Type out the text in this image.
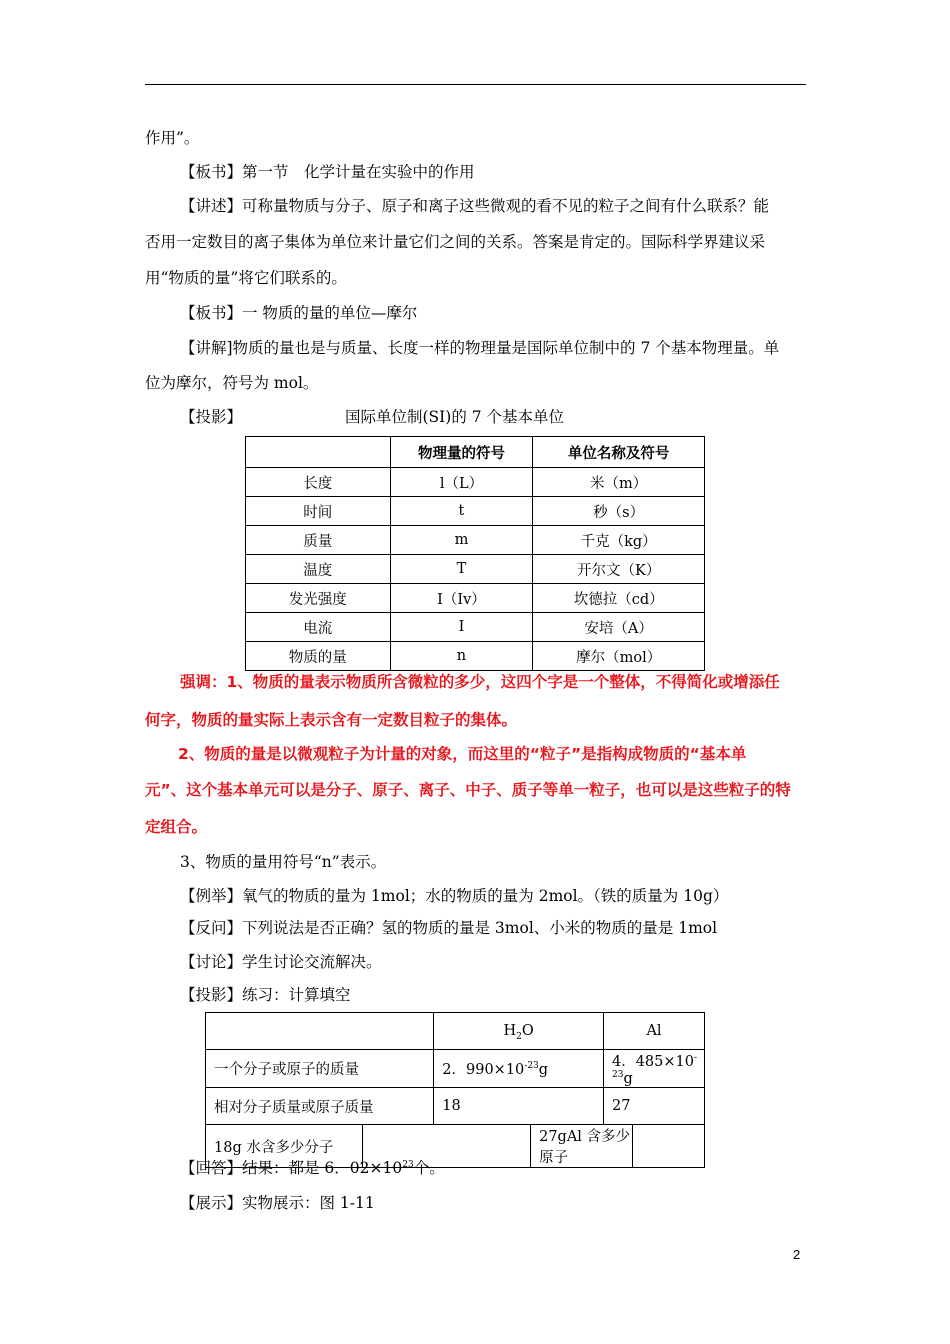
作用”。
【板书】第一节　化学计量在实验中的作用
【讲述】可称量物质与分子、原子和离子这些微观的看不见的粒子之间有什么联系？能
否用一定数目的离子集体为单位来计量它们之间的关系。答案是肯定的。国际科学界建议采
用“物质的量”将它们联系的。
【板书】一 物质的量的单位—摩尔
【讲解]物质的量也是与质量、长度一样的物理量是国际单位制中的 7 个基本物理量。单
位为摩尔，符号为 mol。
【投影】	国际单位制(SI)的 7 个基本单位
	物理量的符号	单位名称及符号
长度	l（L）	米（m）
时间	t	秒（s）
质量	m	千克（kg）
温度	T	开尔文（K）
发光强度	I（Iv）	坎德拉（cd）
电流	I	安培（A）
物质的量	n	摩尔（mol）
强调：1、物质的量表示物质所含微粒的多少，这四个字是一个整体，不得简化或增添任
何字，物质的量实际上表示含有一定数目粒子的集体。
2、物质的量是以微观粒子为计量的对象，而这里的“粒子”是指构成物质的“基本单
元”、这个基本单元可以是分子、原子、离子、中子、质子等单一粒子，也可以是这些粒子的特
定组合。
3、物质的量用符号“n”表示。
【例举】氧气的物质的量为 1mol；水的物质的量为 2mol。（铁的质量为 10g）
【反问】下列说法是否正确？氢的物质的量是 3mol、小米的物质的量是 1mol
【讨论】学生讨论交流解决。
【投影】练习：计算填空
		$H_2O$		Al	
一个分子或原子的质量		2．$990\times 10^{-23}g$		4．$485\times 10^{-23}g$	
相对分子质量或原子质量		18		27	
18g 水含多少分子			27gAl 含多少原子		
【回答】结果：都是 6．$02\times 10^{23}$个。
【展示】实物展示：图 1-11
2
